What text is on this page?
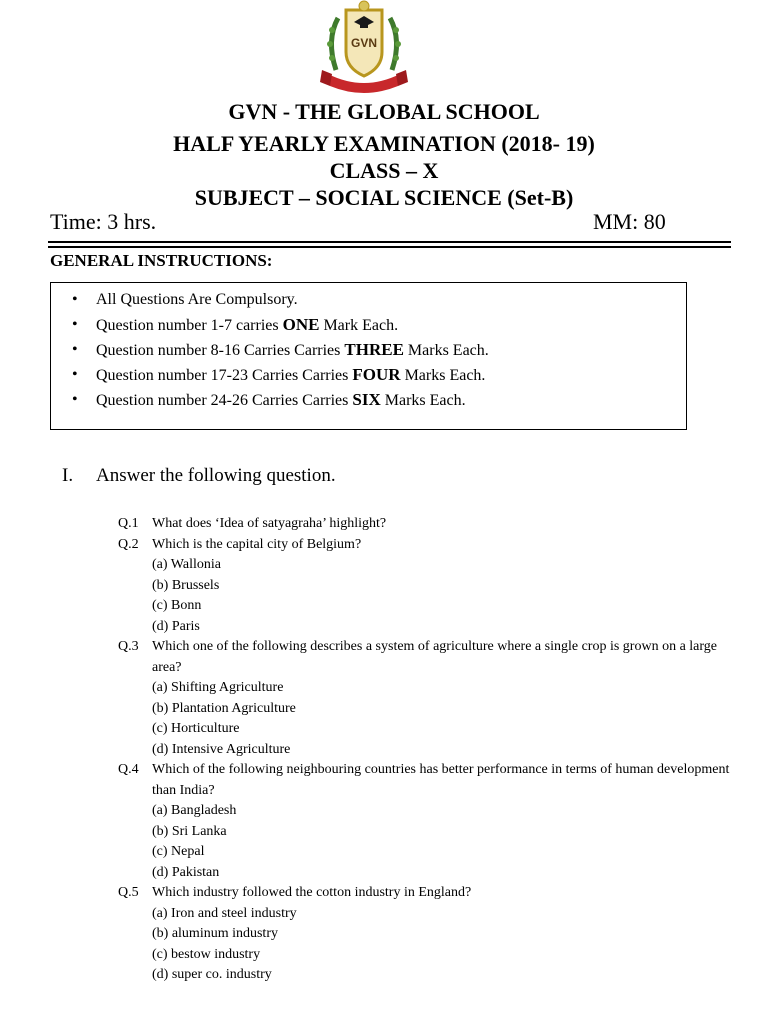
GVN
GVN - THE GLOBAL SCHOOL
HALF YEARLY EXAMINATION (2018- 19)
CLASS – X
SUBJECT – SOCIAL SCIENCE (Set-B)
Time: 3 hrs.	MM: 80
GENERAL INSTRUCTIONS:
• All Questions Are Compulsory.
• Question number 1-7 carries ONE Mark Each.
• Question number 8-16 Carries Carries THREE Marks Each.
• Question number 17-23 Carries Carries FOUR Marks Each.
• Question number 24-26 Carries Carries SIX Marks Each.
I. Answer the following question.
Q.1 What does ‘Idea of satyagraha’ highlight?
Q.2 Which is the capital city of Belgium?
(a) Wallonia
(b) Brussels
(c) Bonn
(d) Paris
Q.3 Which one of the following describes a system of agriculture where a single crop is grown on a large area?
(a) Shifting Agriculture
(b) Plantation Agriculture
(c) Horticulture
(d) Intensive Agriculture
Q.4 Which of the following neighbouring countries has better performance in terms of human development than India?
(a) Bangladesh
(b) Sri Lanka
(c) Nepal
(d) Pakistan
Q.5 Which industry followed the cotton industry in England?
(a) Iron and steel industry
(b) aluminum industry
(c) bestow industry
(d) super co. industry
